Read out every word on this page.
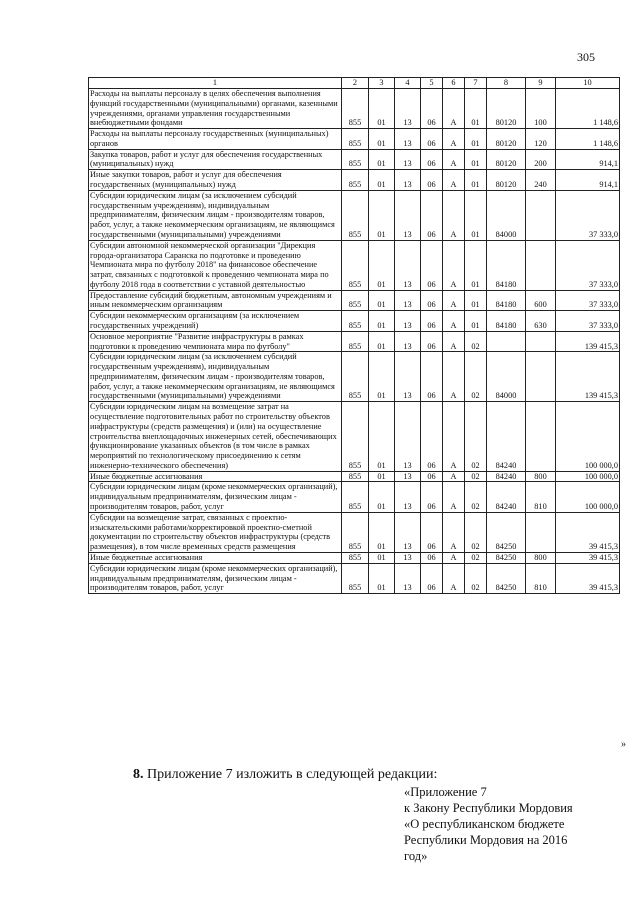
305
1	2	3	4	5	6	7	8	9	10
Расходы на выплаты персоналу в целях обеспечения выполнения функций государственными (муниципальными) органами, казенными учреждениями, органами управления государственными внебюджетными фондами	855	01	13	06	А	01	80120	100	1 148,6
Расходы на выплаты персоналу государственных (муниципальных) органов	855	01	13	06	А	01	80120	120	1 148,6
Закупка товаров, работ и услуг для обеспечения государственных (муниципальных) нужд	855	01	13	06	А	01	80120	200	914,1
Иные закупки товаров, работ и услуг для обеспечения государственных (муниципальных) нужд	855	01	13	06	А	01	80120	240	914,1
Субсидии юридическим лицам (за исключением субсидий государственным учреждениям), индивидуальным предпринимателям, физическим лицам - производителям товаров, работ, услуг, а также некоммерческим организациям, не являющимся государственными (муниципальными) учреждениями	855	01	13	06	А	01	84000		37 333,0
Субсидии автономной некоммерческой организации "Дирекция города-организатора Саранска по подготовке и проведению Чемпионата мира по футболу 2018" на финансовое обеспечение затрат, связанных с подготовкой к проведению чемпионата мира по футболу 2018 года в соответствии с уставной деятельностью	855	01	13	06	А	01	84180		37 333,0
Предоставление субсидий бюджетным, автономным учреждениям и иным некоммерческим организациям	855	01	13	06	А	01	84180	600	37 333,0
Субсидии некоммерческим организациям (за исключением государственных учреждений)	855	01	13	06	А	01	84180	630	37 333,0
Основное мероприятие "Развитие инфраструктуры в рамках подготовки к проведению чемпионата мира по футболу"	855	01	13	06	А	02			139 415,3
Субсидии юридическим лицам (за исключением субсидий государственным учреждениям), индивидуальным предпринимателям, физическим лицам - производителям товаров, работ, услуг, а также некоммерческим организациям, не являющимся государственными (муниципальными) учреждениями	855	01	13	06	А	02	84000		139 415,3
Субсидии юридическим лицам на возмещение затрат на осуществление подготовительных работ по строительству объектов инфраструктуры (средств размещения) и (или) на осуществление строительства внеплощадочных инженерных сетей, обеспечивающих функционирование указанных объектов (в том числе в рамках мероприятий по технологическому присоединению к сетям инженерно-технического обеспечения)	855	01	13	06	А	02	84240		100 000,0
Иные бюджетные ассигнования	855	01	13	06	А	02	84240	800	100 000,0
Субсидии юридическим лицам (кроме некоммерческих организаций), индивидуальным предпринимателям, физическим лицам - производителям товаров, работ, услуг	855	01	13	06	А	02	84240	810	100 000,0
Субсидии на возмещение затрат, связанных с проектно-изыскательскими работами/корректировкой проектно-сметной документации по строительству объектов инфраструктуры (средств размещения), в том числе временных средств размещения	855	01	13	06	А	02	84250		39 415,3
Иные бюджетные ассигнования	855	01	13	06	А	02	84250	800	39 415,3
Субсидии юридическим лицам (кроме некоммерческих организаций), индивидуальным предпринимателям, физическим лицам - производителям товаров, работ, услуг	855	01	13	06	А	02	84250	810	39 415,3
»

8. Приложение 7 изложить в следующей редакции:

«Приложение 7
к Закону Республики Мордовия
«О республиканском бюджете
Республики Мордовия на 2016
год»
